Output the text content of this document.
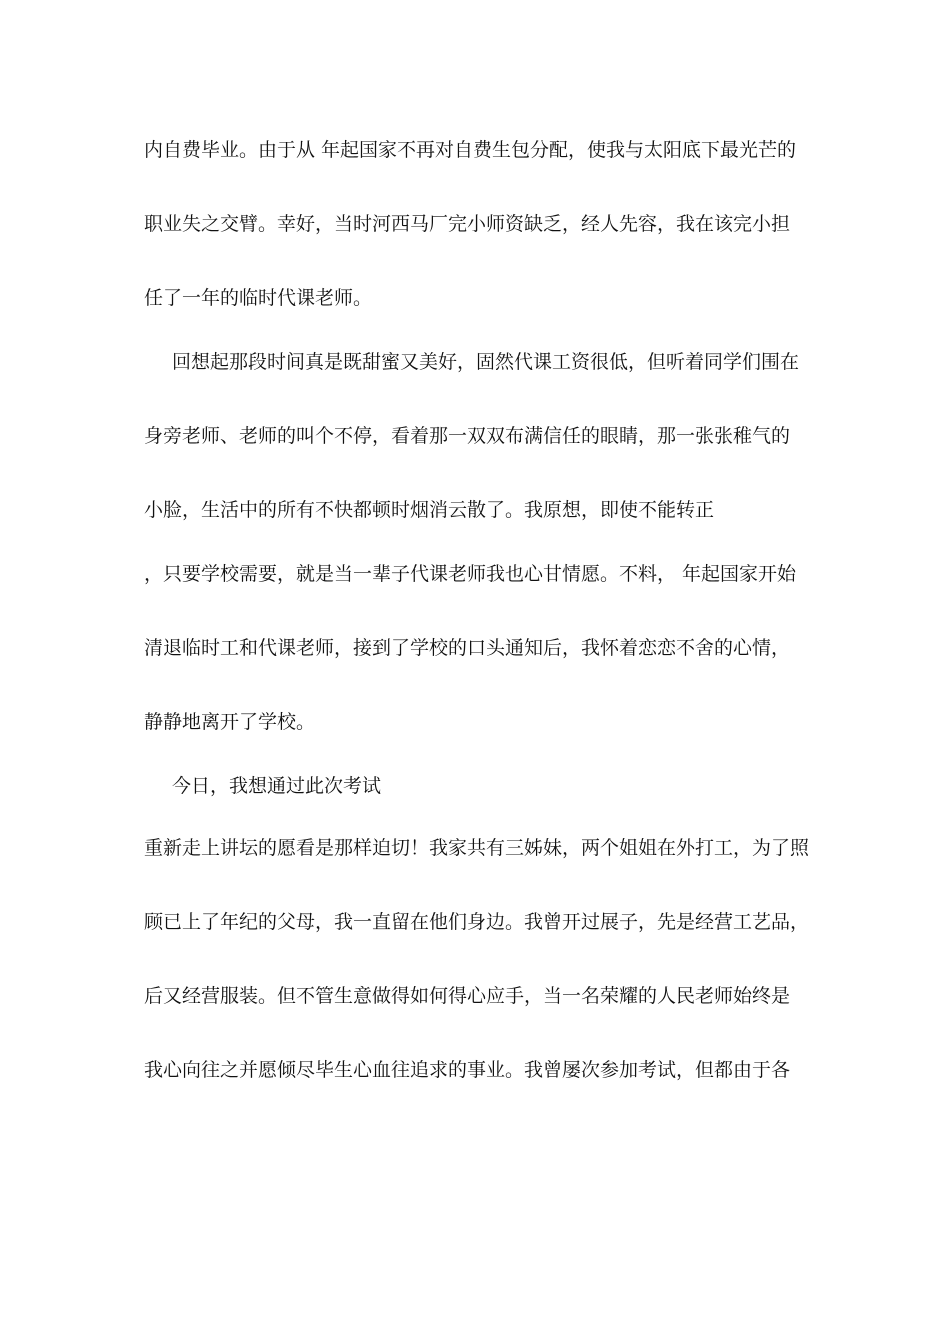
内自费毕业。由于从 年起国家不再对自费生包分配，使我与太阳底下最光芒的
职业失之交臂。幸好，当时河西马厂完小师资缺乏，经人先容，我在该完小担
任了一年的临时代课老师。
回想起那段时间真是既甜蜜又美好，固然代课工资很低，但听着同学们围在
身旁老师、老师的叫个不停，看着那一双双布满信任的眼睛，那一张张稚气的
小脸，生活中的所有不快都顿时烟消云散了。我原想，即使不能转正
，只要学校需要，就是当一辈子代课老师我也心甘情愿。不料， 年起国家开始
清退临时工和代课老师，接到了学校的口头通知后，我怀着恋恋不舍的心情，
静静地离开了学校。
今日，我想通过此次考试
重新走上讲坛的愿看是那样迫切！我家共有三姊妹，两个姐姐在外打工，为了照
顾已上了年纪的父母，我一直留在他们身边。我曾开过展子，先是经营工艺品，
后又经营服装。但不管生意做得如何得心应手，当一名荣耀的人民老师始终是
我心向往之并愿倾尽毕生心血往追求的事业。我曾屡次参加考试，但都由于各
